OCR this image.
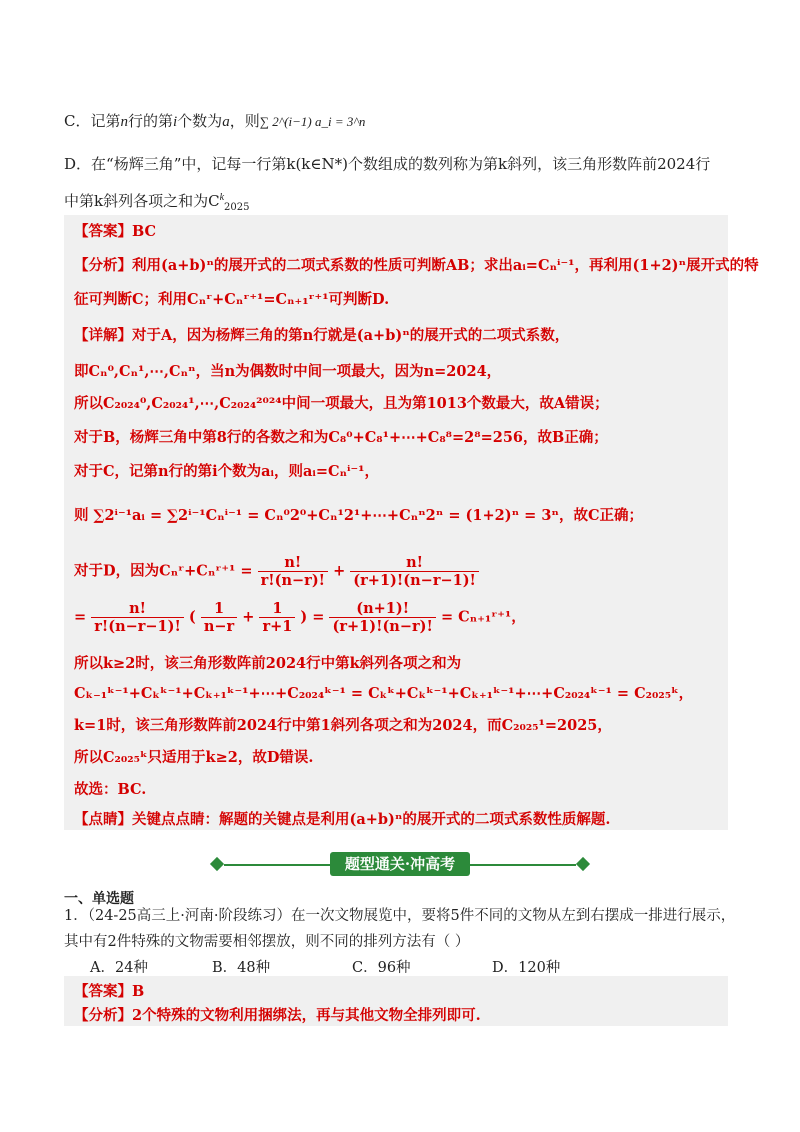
C．记第n行的第i个数为a，则∑ 2^(i−1) a_i = 3^n
D．在“杨辉三角”中，记每一行第k(k∈N*)个数组成的数列称为第k斜列，该三角形数阵前2024行
中第k斜列各项之和为$C^k_{2025}$
【答案】BC
【分析】利用(a+b)ⁿ的展开式的二项式系数的性质可判断AB；求出aᵢ=Cₙⁱ⁻¹，再利用(1+2)ⁿ展开式的特
征可判断C；利用Cₙʳ+Cₙʳ⁺¹=Cₙ₊₁ʳ⁺¹可判断D.
【详解】对于A，因为杨辉三角的第n行就是(a+b)ⁿ的展开式的二项式系数，
即Cₙ⁰,Cₙ¹,⋯,Cₙⁿ，当n为偶数时中间一项最大，因为n=2024，
所以C₂₀₂₄⁰,C₂₀₂₄¹,⋯,C₂₀₂₄²⁰²⁴中间一项最大，且为第1013个数最大，故A错误；
对于B，杨辉三角中第8行的各数之和为C₈⁰+C₈¹+⋯+C₈⁸=2⁸=256，故B正确；
对于C，记第n行的第i个数为aᵢ，则aᵢ=Cₙⁱ⁻¹，
则 ∑2ⁱ⁻¹aᵢ = ∑2ⁱ⁻¹Cₙⁱ⁻¹ = Cₙ⁰2⁰+Cₙ¹2¹+⋯+Cₙⁿ2ⁿ = (1+2)ⁿ = 3ⁿ，故C正确；
对于D，因为Cₙʳ+Cₙʳ⁺¹ = $\frac{n!}{r!(n-r)!} + \frac{n!}{(r+1)!(n-r-1)!}$
= $\frac{n!}{r!(n-r-1)!}$ ( $\frac{1}{n-r} + \frac{1}{r+1}$ ) = $\frac{(n+1)!}{(r+1)!(n-r)!}$ = Cₙ₊₁ʳ⁺¹，
所以k≥2时，该三角形数阵前2024行中第k斜列各项之和为
Cₖ₋₁ᵏ⁻¹+Cₖᵏ⁻¹+Cₖ₊₁ᵏ⁻¹+⋯+C₂₀₂₄ᵏ⁻¹ = Cₖᵏ+Cₖᵏ⁻¹+Cₖ₊₁ᵏ⁻¹+⋯+C₂₀₂₄ᵏ⁻¹ = C₂₀₂₅ᵏ，
k=1时，该三角形数阵前2024行中第1斜列各项之和为2024，而C₂₀₂₅¹=2025，
所以C₂₀₂₅ᵏ只适用于k≥2，故D错误.
故选：BC.
【点睛】关键点点睛：解题的关键点是利用(a+b)ⁿ的展开式的二项式系数性质解题.
题型通关·冲高考
一、单选题
1．（24-25高三上·河南·阶段练习）在一次文物展览中，要将5件不同的文物从左到右摆成一排进行展示，
其中有2件特殊的文物需要相邻摆放，则不同的排列方法有（ ）
A．24种	B．48种	C．96种	D．120种
【答案】B
【分析】2个特殊的文物利用捆绑法，再与其他文物全排列即可.
